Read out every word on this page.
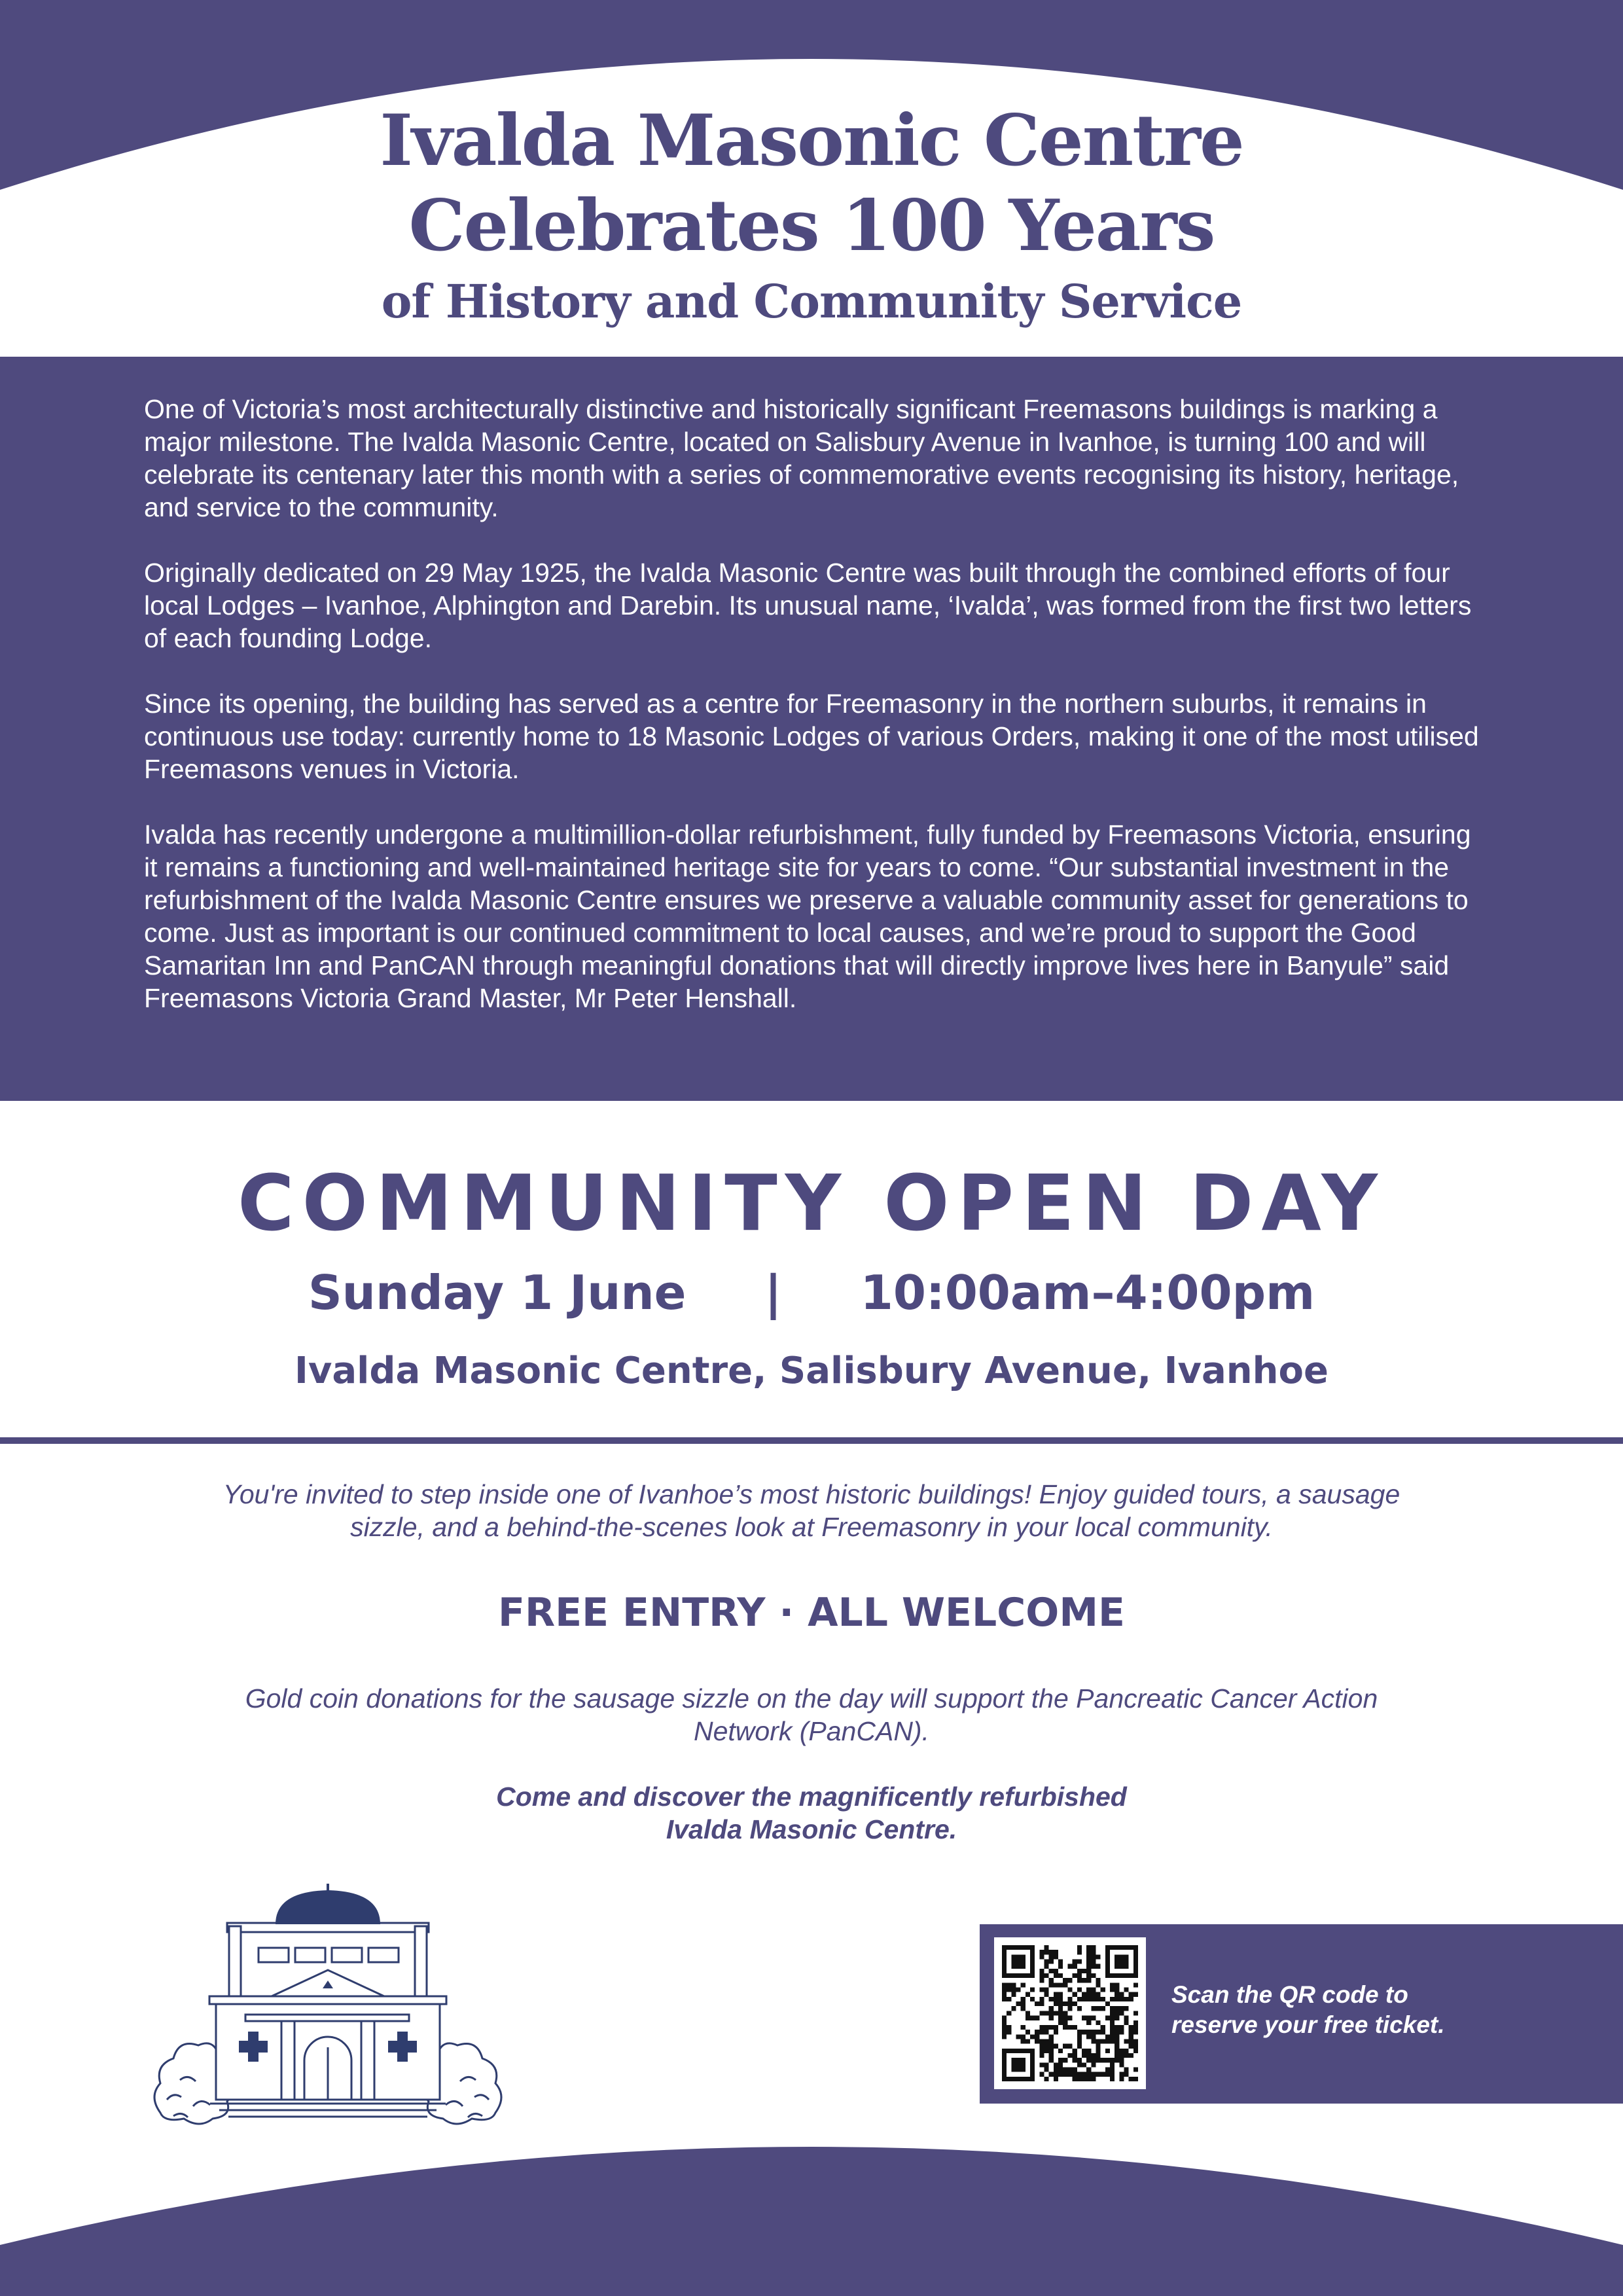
Ivalda Masonic Centre
Celebrates 100 Years
of History and Community Service

One of Victoria’s most architecturally distinctive and historically significant Freemasons buildings is marking a major milestone. The Ivalda Masonic Centre, located on Salisbury Avenue in Ivanhoe, is turning 100 and will celebrate its centenary later this month with a series of commemorative events recognising its history, heritage, and service to the community.

Originally dedicated on 29 May 1925, the Ivalda Masonic Centre was built through the combined efforts of four local Lodges – Ivanhoe, Alphington and Darebin. Its unusual name, ‘Ivalda’, was formed from the first two letters of each founding Lodge.

Since its opening, the building has served as a centre for Freemasonry in the northern suburbs, it remains in continuous use today: currently home to 18 Masonic Lodges of various Orders, making it one of the most utilised Freemasons venues in Victoria.

Ivalda has recently undergone a multimillion-dollar refurbishment, fully funded by Freemasons Victoria, ensuring it remains a functioning and well-maintained heritage site for years to come. “Our substantial investment in the refurbishment of the Ivalda Masonic Centre ensures we preserve a valuable community asset for generations to come. Just as important is our continued commitment to local causes, and we’re proud to support the Good Samaritan Inn and PanCAN through meaningful donations that will directly improve lives here in Banyule” said Freemasons Victoria Grand Master, Mr Peter Henshall.

COMMUNITY OPEN DAY
Sunday 1 June | 10:00am–4:00pm
Ivalda Masonic Centre, Salisbury Avenue, Ivanhoe

You're invited to step inside one of Ivanhoe’s most historic buildings! Enjoy guided tours, a sausage sizzle, and a behind-the-scenes look at Freemasonry in your local community.

FREE ENTRY · ALL WELCOME

Gold coin donations for the sausage sizzle on the day will support the Pancreatic Cancer Action Network (PanCAN).

Come and discover the magnificently refurbished
Ivalda Masonic Centre.

Scan the QR code to
reserve your free ticket.
